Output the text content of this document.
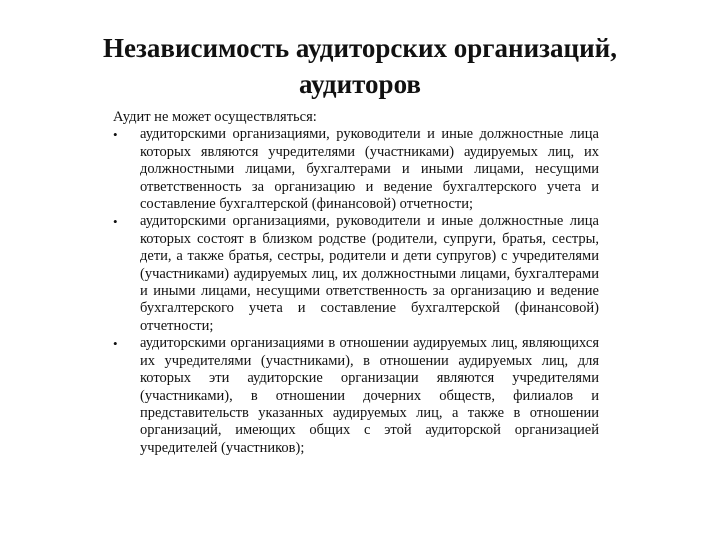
Независимость аудиторских организаций,
аудиторов

Аудит не может осуществляться:

•	аудиторскими организациями, руководители и иные должностные лица которых являются учредителями (участниками) аудируемых лиц, их должностными лицами, бухгалтерами и иными лицами, несущими ответственность за организацию и ведение бухгалтерского учета и составление бухгалтерской (финансовой) отчетности;
•	аудиторскими организациями, руководители и иные должностные лица которых состоят в близком родстве (родители, супруги, братья, сестры, дети, а также братья, сестры, родители и дети супругов) с учредителями (участниками) аудируемых лиц, их должностными лицами, бухгалтерами и иными лицами, несущими ответственность за организацию и ведение бухгалтерского учета и составление бухгалтерской (финансовой) отчетности;
•	аудиторскими организациями в отношении аудируемых лиц, являющихся их учредителями (участниками), в отношении аудируемых лиц, для которых эти аудиторские организации являются учредителями (участниками), в отношении дочерних обществ, филиалов и представительств указанных аудируемых лиц, а также в отношении организаций, имеющих общих с этой аудиторской организацией учредителей (участников);
